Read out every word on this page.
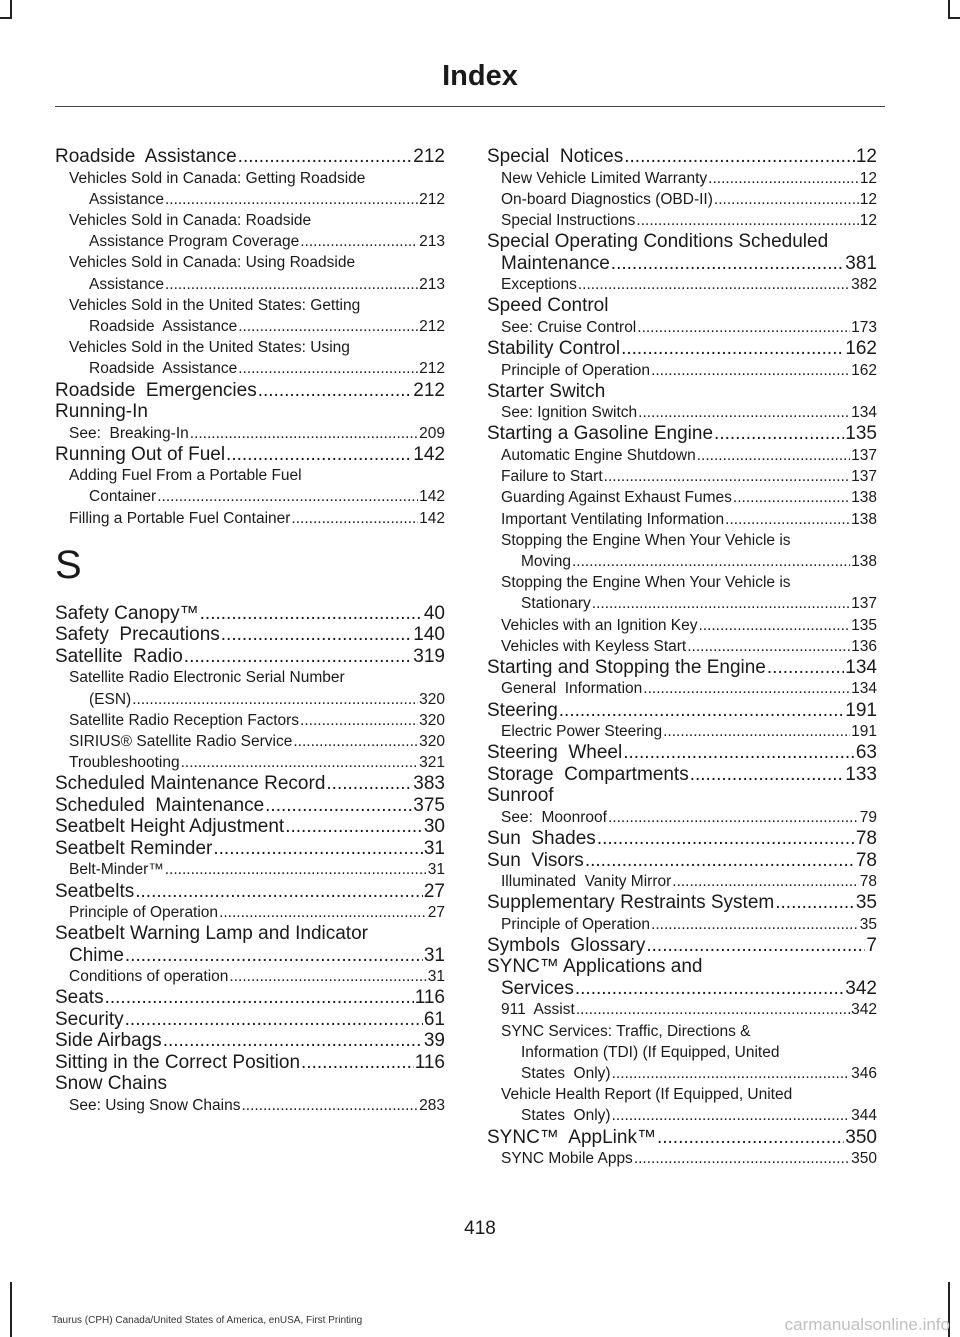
Index
Roadside  Assistance .....	212
Vehicles Sold in Canada: Getting Roadside
Assistance .....	212
Vehicles Sold in Canada: Roadside
Assistance Program Coverage .....	213
Vehicles Sold in Canada: Using Roadside
Assistance .....	213
Vehicles Sold in the United States: Getting
Roadside  Assistance .....	212
Vehicles Sold in the United States: Using
Roadside  Assistance .....	212
Roadside  Emergencies .....	212
Running-In
See:  Breaking-In .....	209
Running Out of Fuel .....	142
Adding Fuel From a Portable Fuel
Container .....	142
Filling a Portable Fuel Container .....	142
S
Safety Canopy™ .....	40
Safety  Precautions .....	140
Satellite  Radio .....	319
Satellite Radio Electronic Serial Number
(ESN) .....	320
Satellite Radio Reception Factors .....	320
SIRIUS® Satellite Radio Service .....	320
Troubleshooting .....	321
Scheduled Maintenance Record .....	383
Scheduled  Maintenance .....	375
Seatbelt Height Adjustment .....	30
Seatbelt Reminder .....	31
Belt-Minder™ .....	31
Seatbelts .....	27
Principle of Operation .....	27
Seatbelt Warning Lamp and Indicator
Chime .....	31
Conditions of operation .....	31
Seats .....	116
Security .....	61
Side Airbags .....	39
Sitting in the Correct Position .....	116
Snow Chains
See: Using Snow Chains .....	283
Special  Notices .....	12
New Vehicle Limited Warranty .....	12
On-board Diagnostics (OBD-II) .....	12
Special Instructions .....	12
Special Operating Conditions Scheduled
Maintenance .....	381
Exceptions .....	382
Speed Control
See: Cruise Control .....	173
Stability Control .....	162
Principle of Operation .....	162
Starter Switch
See: Ignition Switch .....	134
Starting a Gasoline Engine .....	135
Automatic Engine Shutdown .....	137
Failure to Start .....	137
Guarding Against Exhaust Fumes .....	138
Important Ventilating Information .....	138
Stopping the Engine When Your Vehicle is
Moving .....	138
Stopping the Engine When Your Vehicle is
Stationary .....	137
Vehicles with an Ignition Key .....	135
Vehicles with Keyless Start .....	136
Starting and Stopping the Engine .....	134
General  Information .....	134
Steering .....	191
Electric Power Steering .....	191
Steering  Wheel .....	63
Storage  Compartments .....	133
Sunroof
See:  Moonroof .....	79
Sun  Shades .....	78
Sun  Visors .....	78
Illuminated  Vanity Mirror .....	78
Supplementary Restraints System .....	35
Principle of Operation .....	35
Symbols  Glossary .....	7
SYNC™ Applications and
Services .....	342
911  Assist .....	342
SYNC Services: Traffic, Directions &
Information (TDI) (If Equipped, United
States  Only) .....	346
Vehicle Health Report (If Equipped, United
States  Only) .....	344
SYNC™  AppLink™ .....	350
SYNC Mobile Apps .....	350
418
Taurus (CPH) Canada/United States of America, enUSA, First Printing	carmanualsonline.info
